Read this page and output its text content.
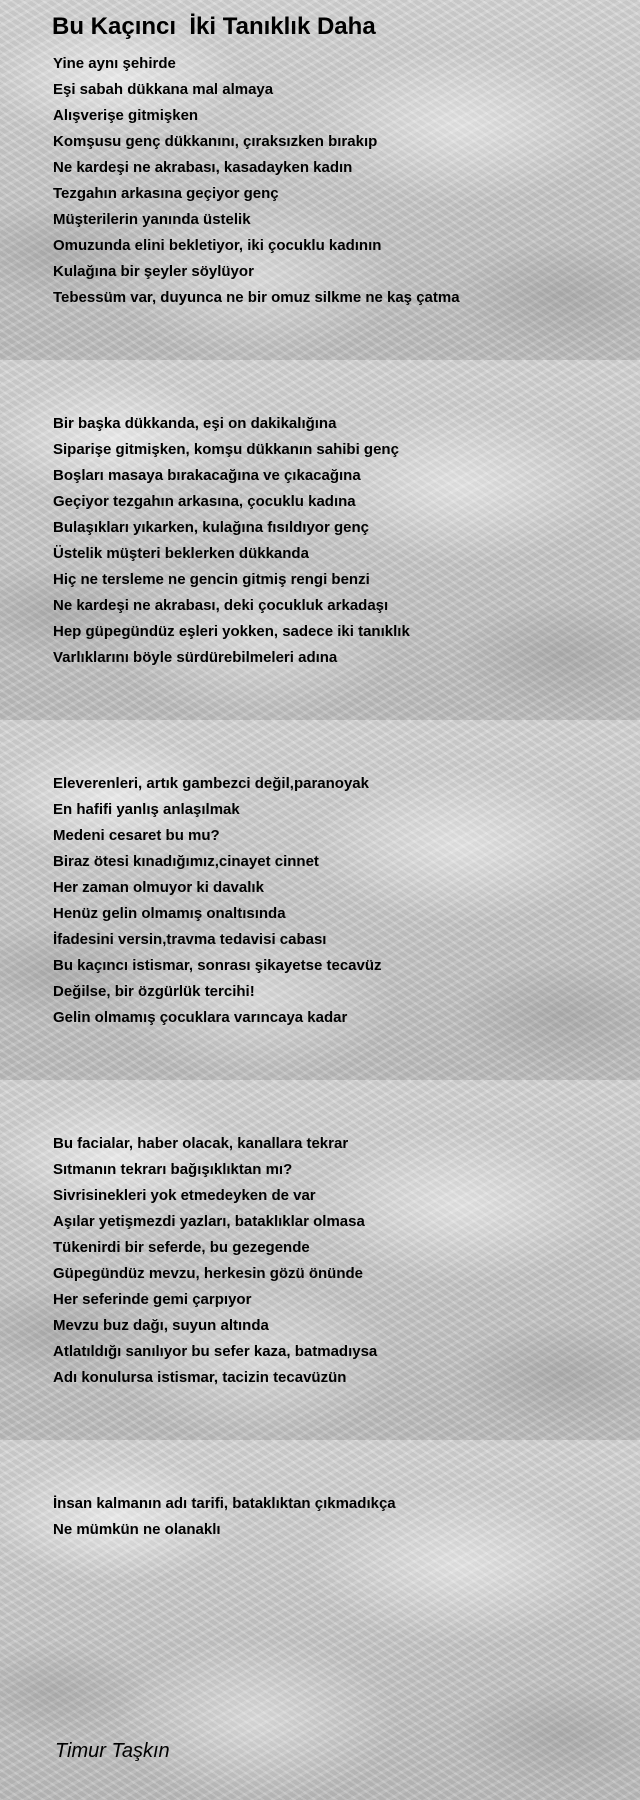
Bu Kaçıncı  İki Tanıklık Daha
Yine aynı şehirde
Eşi sabah dükkana mal almaya
Alışverişe gitmişken
Komşusu genç dükkanını, çıraksızken bırakıp
Ne kardeşi ne akrabası, kasadayken kadın
Tezgahın arkasına geçiyor genç
Müşterilerin yanında üstelik
Omuzunda elini bekletiyor, iki çocuklu kadının
Kulağına bir şeyler söylüyor
Tebessüm var, duyunca ne bir omuz silkme ne kaş çatma
Bir başka dükkanda, eşi on dakikalığına
Siparişe gitmişken, komşu dükkanın sahibi genç
Boşları masaya bırakacağına ve çıkacağına
Geçiyor tezgahın arkasına, çocuklu kadına
Bulaşıkları yıkarken, kulağına fısıldıyor genç
Üstelik müşteri beklerken dükkanda
Hiç ne tersleme ne gencin gitmiş rengi benzi
Ne kardeşi ne akrabası, deki çocukluk arkadaşı
Hep güpegündüz eşleri yokken, sadece iki tanıklık
Varlıklarını böyle sürdürebilmeleri adına
Eleverenleri, artık gambezci değil,paranoyak
En hafifi yanlış anlaşılmak
Medeni cesaret bu mu?
Biraz ötesi kınadığımız,cinayet cinnet
Her zaman olmuyor ki davalık
Henüz gelin olmamış onaltısında
İfadesini versin,travma tedavisi cabası
Bu kaçıncı istismar, sonrası şikayetse tecavüz
Değilse, bir özgürlük tercihi!
Gelin olmamış çocuklara varıncaya kadar
Bu facialar, haber olacak, kanallara tekrar
Sıtmanın tekrarı bağışıklıktan mı?
Sivrisinekleri yok etmedeyken de var
Aşılar yetişmezdi yazları, bataklıklar olmasa
Tükenirdi bir seferde, bu gezegende
Güpegündüz mevzu, herkesin gözü önünde
Her seferinde gemi çarpıyor
Mevzu buz dağı, suyun altında
Atlatıldığı sanılıyor bu sefer kaza, batmadıysa
Adı konulursa istismar, tacizin tecavüzün
İnsan kalmanın adı tarifi, bataklıktan çıkmadıkça
Ne mümkün ne olanaklı
Timur Taşkın
